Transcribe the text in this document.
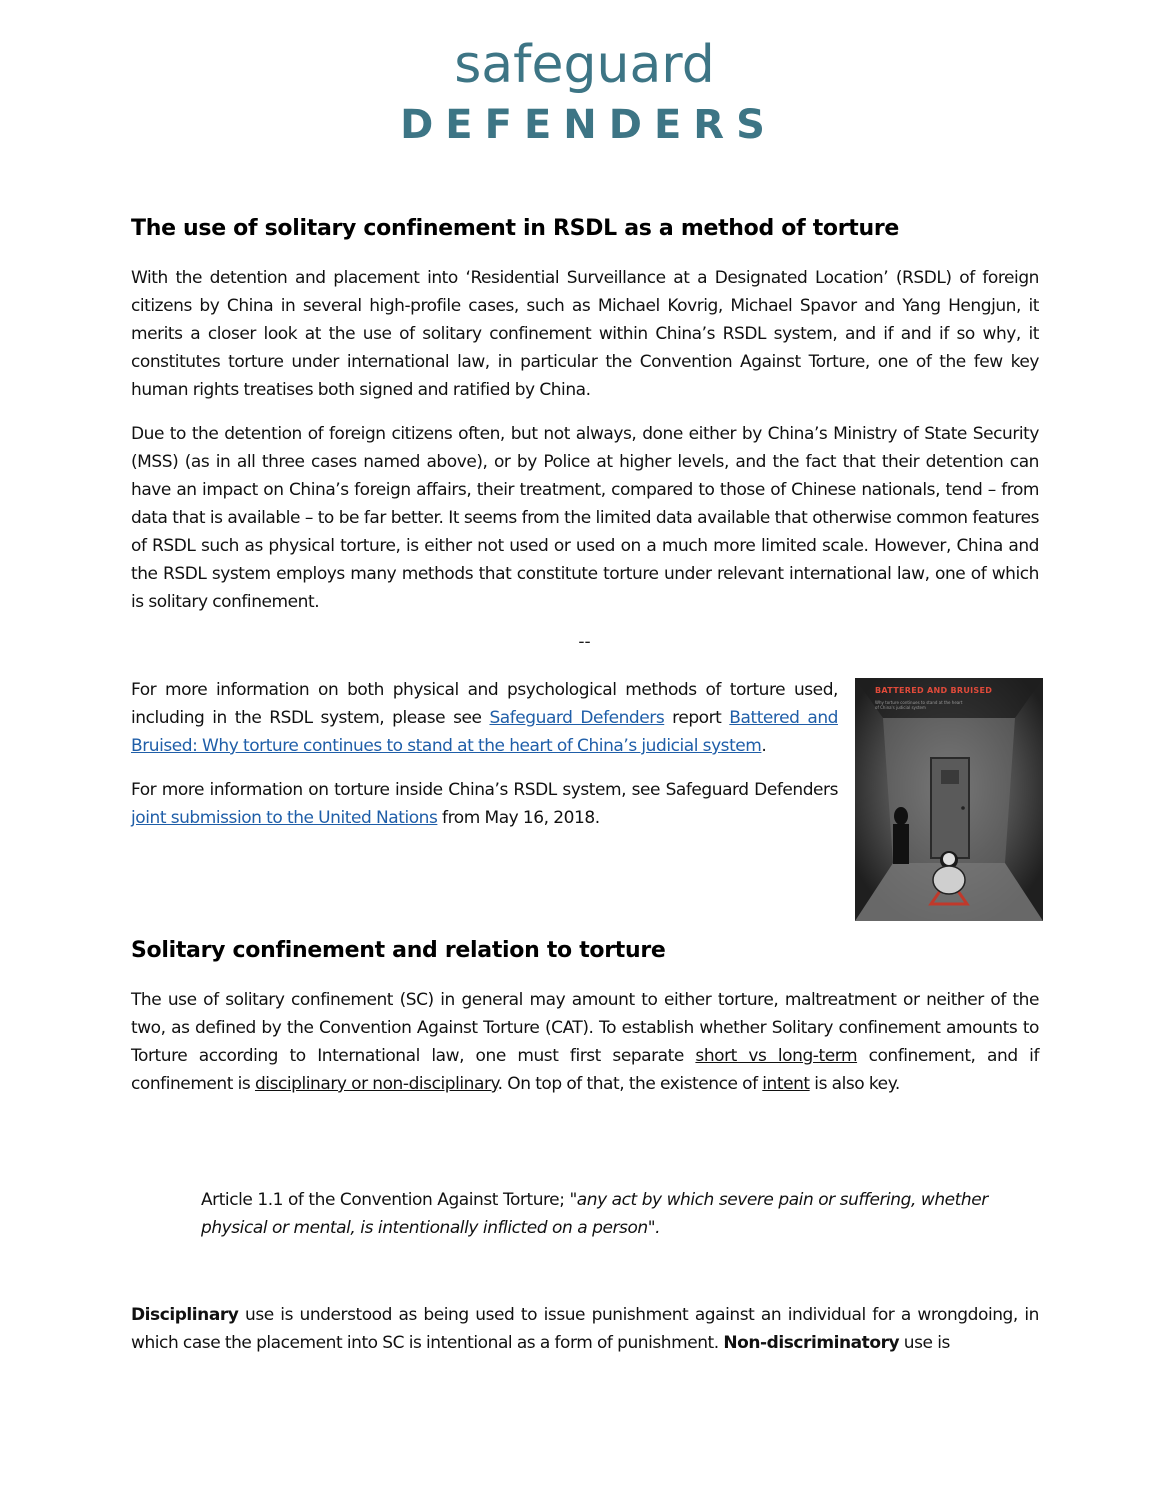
safeguard
DEFENDERS
The use of solitary confinement in RSDL as a method of torture

With the detention and placement into ‘Residential Surveillance at a Designated Location’ (RSDL) of foreign citizens by China in several high-profile cases, such as Michael Kovrig, Michael Spavor and Yang Hengjun, it merits a closer look at the use of solitary confinement within China’s RSDL system, and if and if so why, it constitutes torture under international law, in particular the Convention Against Torture, one of the few key human rights treatises both signed and ratified by China.

Due to the detention of foreign citizens often, but not always, done either by China’s Ministry of State Security (MSS) (as in all three cases named above), or by Police at higher levels, and the fact that their detention can have an impact on China’s foreign affairs, their treatment, compared to those of Chinese nationals, tend – from data that is available – to be far better. It seems from the limited data available that otherwise common features of RSDL such as physical torture, is either not used or used on a much more limited scale. However, China and the RSDL system employs many methods that constitute torture under relevant international law, one of which is solitary confinement.

--

For more information on both physical and psychological methods of torture used, including in the RSDL system, please see Safeguard Defenders report Battered and Bruised: Why torture continues to stand at the heart of China’s judicial system.

For more information on torture inside China’s RSDL system, see Safeguard Defenders joint submission to the United Nations from May 16, 2018.

BATTERED AND BRUISED
Why torture continues to stand at the heart of China's judicial system
Solitary confinement and relation to torture

The use of solitary confinement (SC) in general may amount to either torture, maltreatment or neither of the two, as defined by the Convention Against Torture (CAT). To establish whether Solitary confinement amounts to Torture according to International law, one must first separate short vs long-term confinement, and if confinement is disciplinary or non-disciplinary. On top of that, the existence of intent is also key.

Article 1.1 of the Convention Against Torture; "any act by which severe pain or suffering, whether physical or mental, is intentionally inflicted on a person".

Disciplinary use is understood as being used to issue punishment against an individual for a wrongdoing, in which case the placement into SC is intentional as a form of punishment. Non-discriminatory use is
